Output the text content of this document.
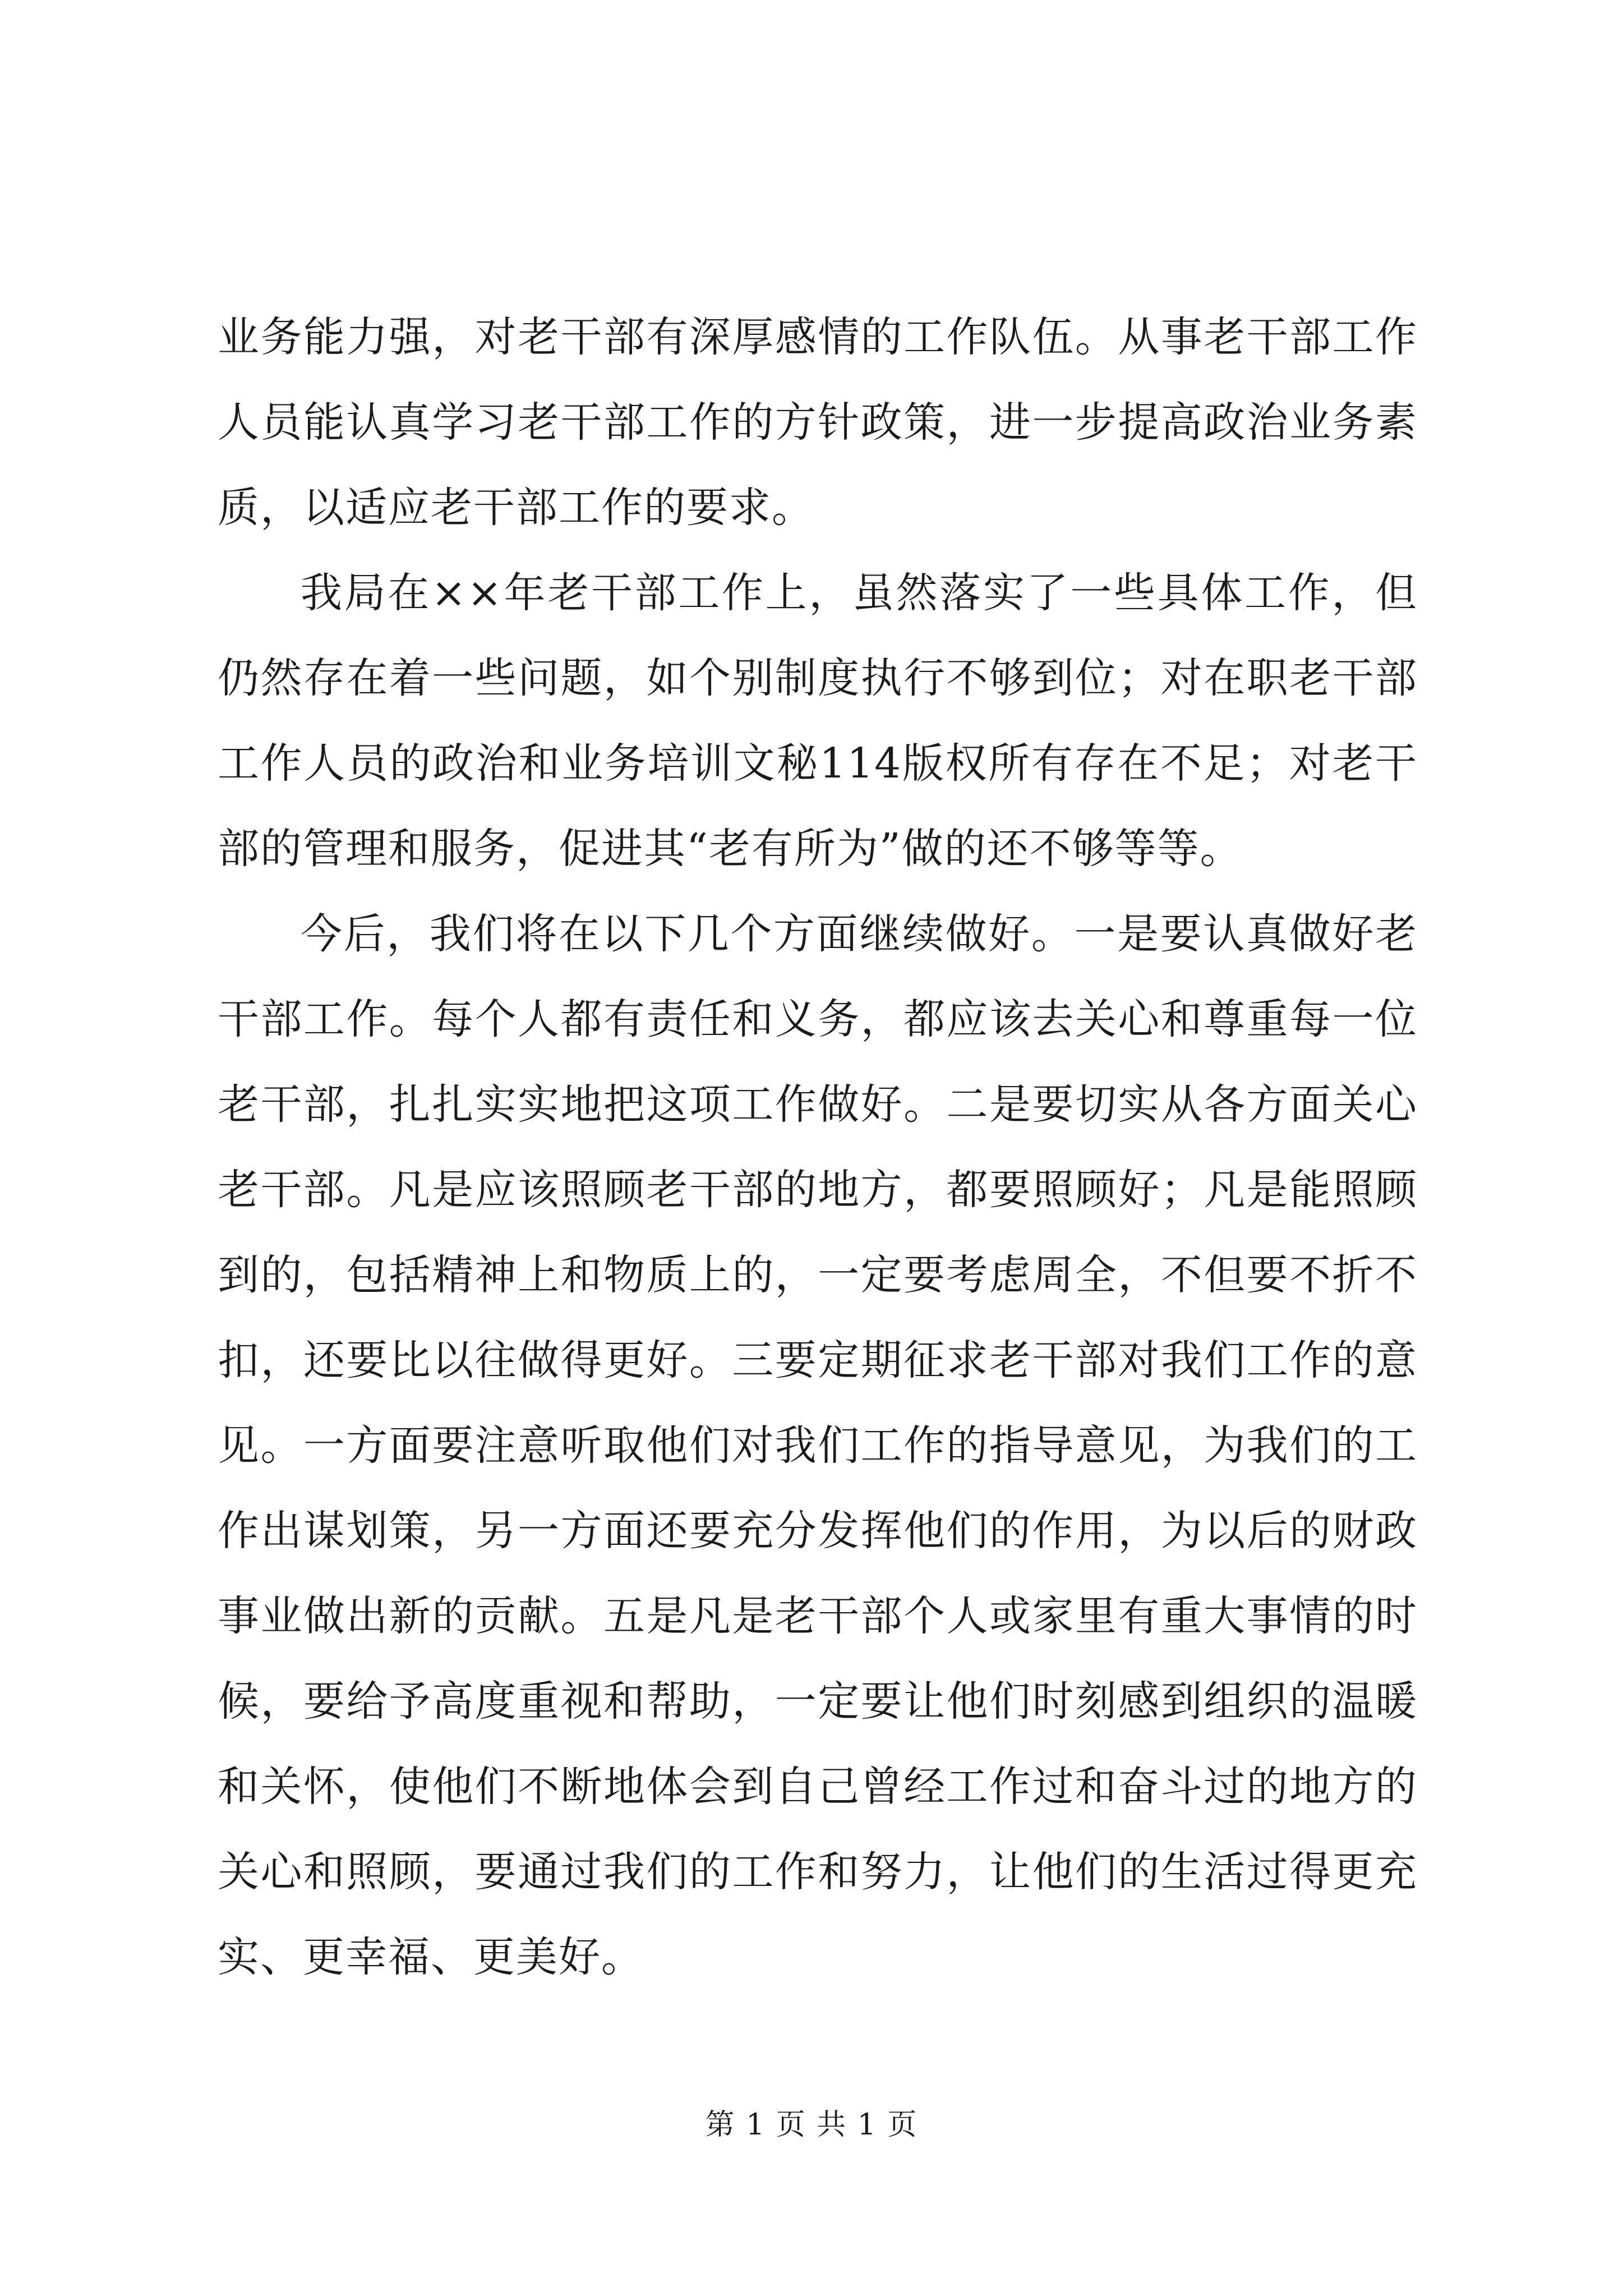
业务能力强，对老干部有深厚感情的工作队伍。从事老干部工作人员能认真学习老干部工作的方针政策，进一步提高政治业务素质，以适应老干部工作的要求。

我局在××年老干部工作上，虽然落实了一些具体工作，但仍然存在着一些问题，如个别制度执行不够到位；对在职老干部工作人员的政治和业务培训文秘114版权所有存在不足；对老干部的管理和服务，促进其“老有所为”做的还不够等等。

今后，我们将在以下几个方面继续做好。一是要认真做好老干部工作。每个人都有责任和义务，都应该去关心和尊重每一位老干部，扎扎实实地把这项工作做好。二是要切实从各方面关心老干部。凡是应该照顾老干部的地方，都要照顾好；凡是能照顾到的，包括精神上和物质上的，一定要考虑周全，不但要不折不扣，还要比以往做得更好。三要定期征求老干部对我们工作的意见。一方面要注意听取他们对我们工作的指导意见，为我们的工作出谋划策，另一方面还要充分发挥他们的作用，为以后的财政事业做出新的贡献。五是凡是老干部个人或家里有重大事情的时候，要给予高度重视和帮助，一定要让他们时刻感到组织的温暖和关怀，使他们不断地体会到自己曾经工作过和奋斗过的地方的关心和照顾，要通过我们的工作和努力，让他们的生活过得更充实、更幸福、更美好。

第 1 页 共 1 页
